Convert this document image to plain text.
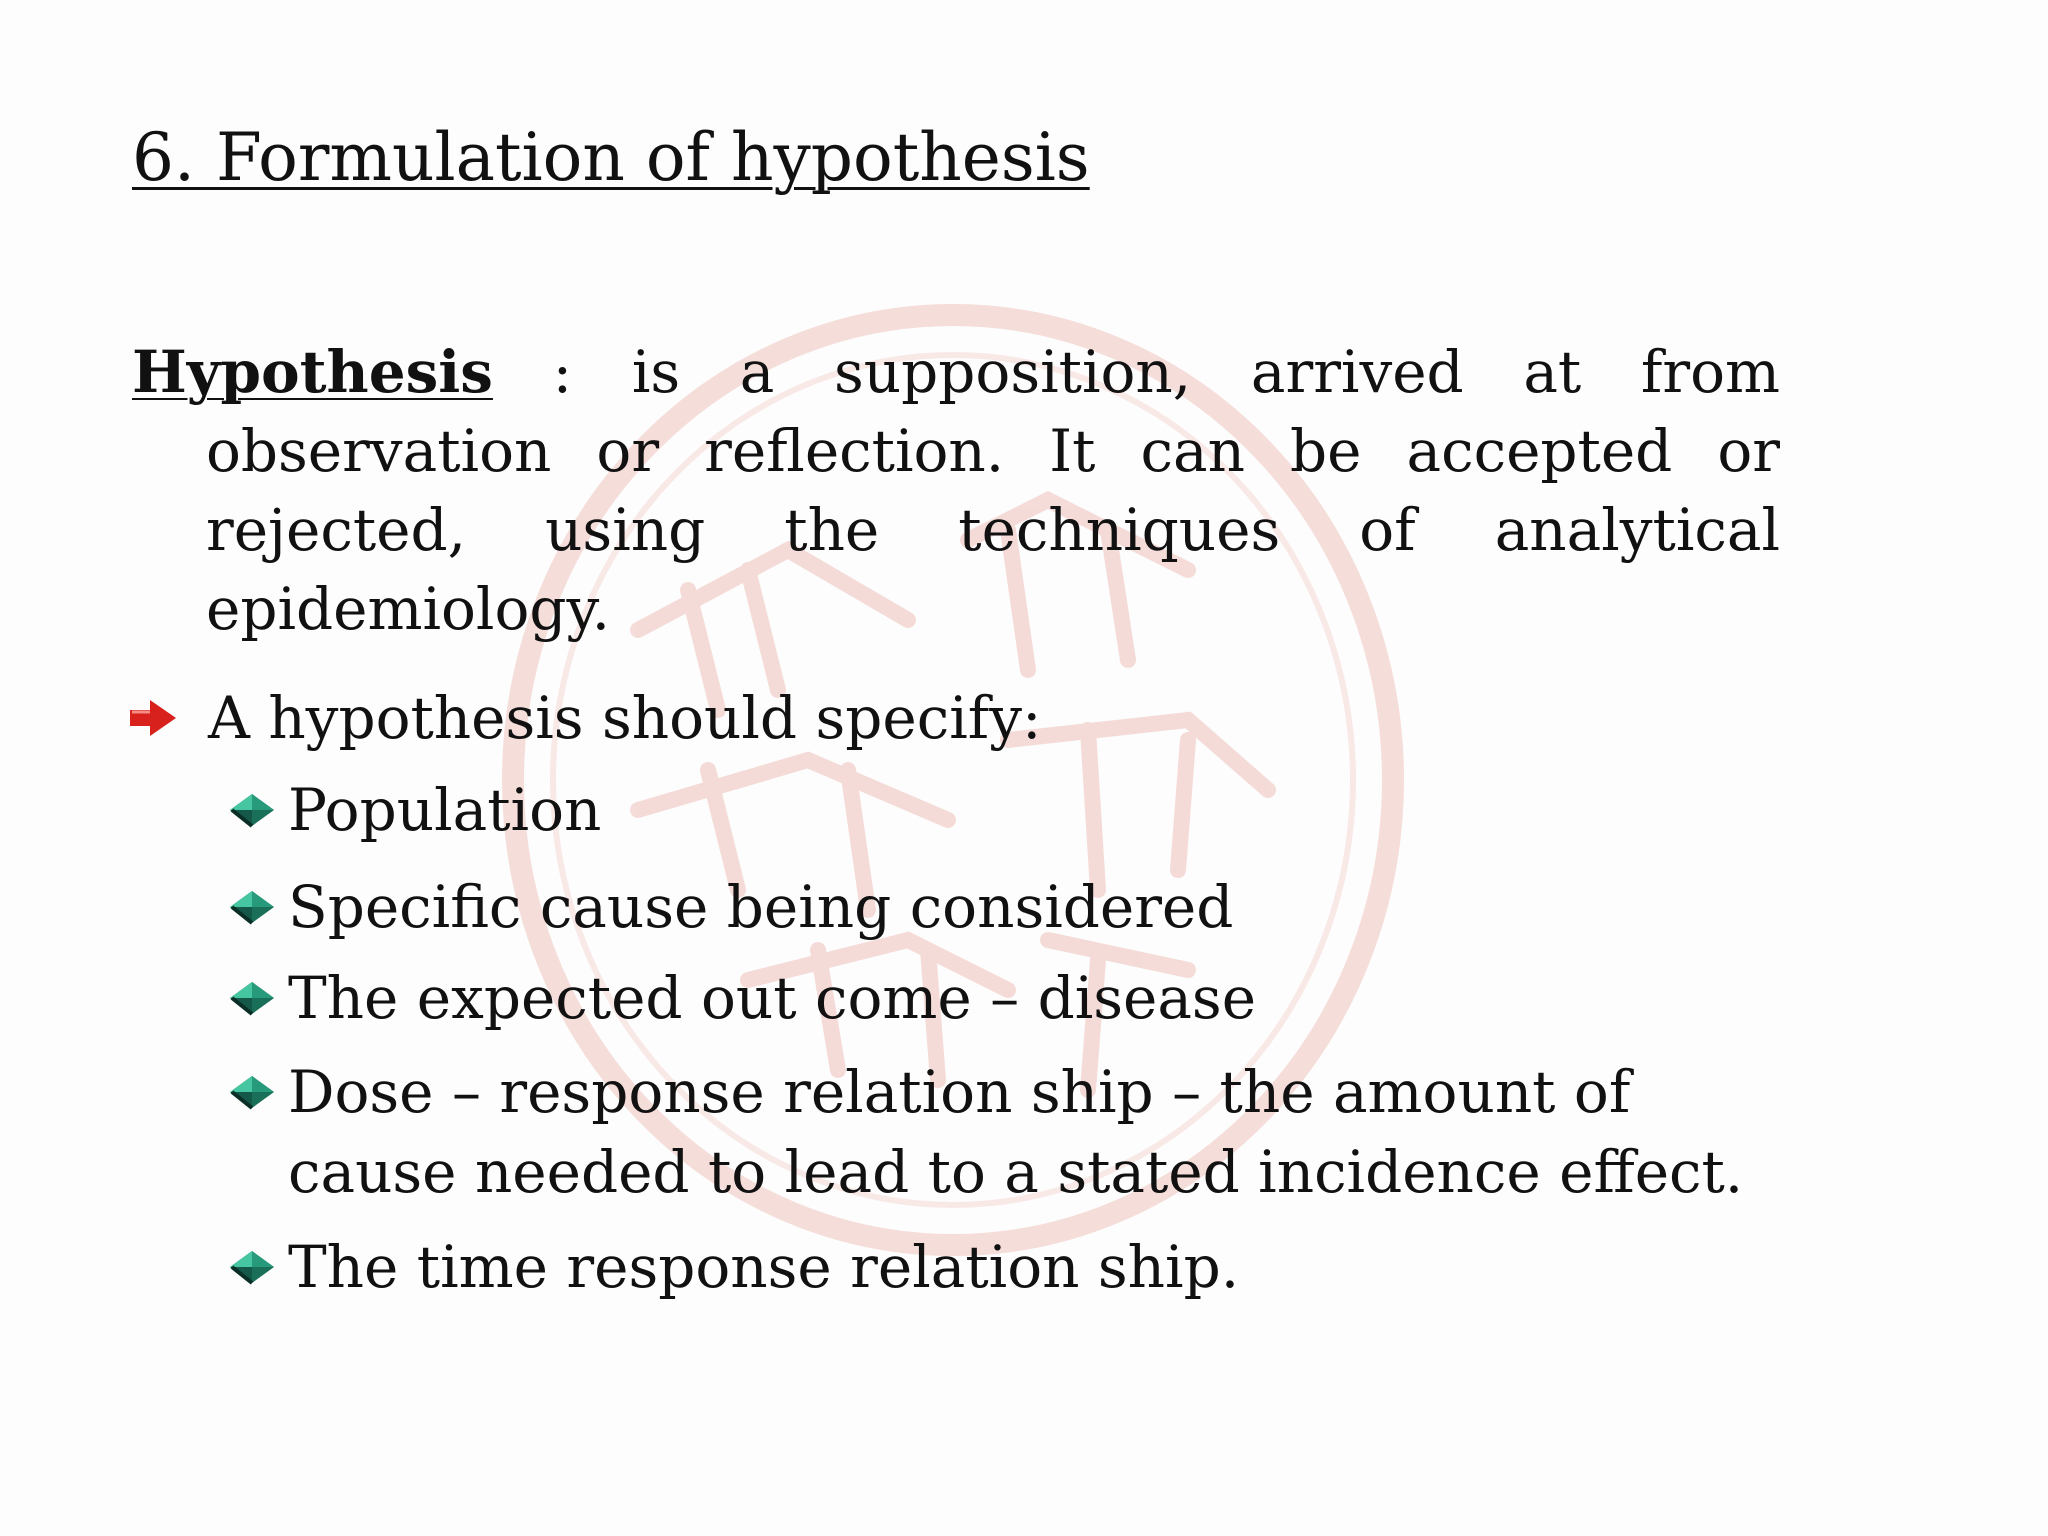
6. Formulation of hypothesis
Hypothesis : is a supposition, arrived at from observation or reflection. It can be accepted or rejected, using the techniques of analytical epidemiology.
A hypothesis should specify:
Population
Specific cause being considered
The expected out come – disease
Dose – response relation ship – the amount of cause needed to lead to a stated incidence effect.
The time response relation ship.
